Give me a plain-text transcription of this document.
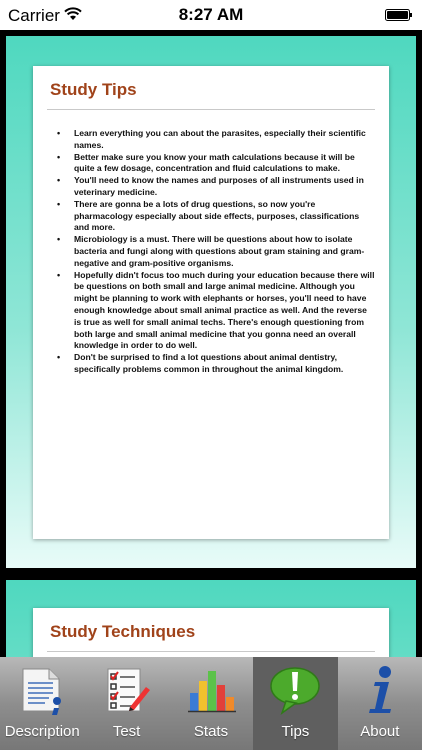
Carrier	8:27 AM
Study Tips
• Learn everything you can about the parasites, especially their scientific names.
• Better make sure you know your math calculations because it will be quite a few dosage, concentration and fluid calculations to make.
• You'll need to know the names and purposes of all instruments used in veterinary medicine.
• There are gonna be a lots of drug questions, so now you're pharmacology especially about side effects, purposes, classifications and more.
• Microbiology is a must. There will be questions about how to isolate bacteria and fungi along with questions about gram staining and gram-negative and gram-positive organisms.
• Hopefully didn't focus too much during your education because there will be questions on both small and large animal medicine. Although you might be planning to work with elephants or horses, you'll need to have enough knowledge about small animal practice as well. And the reverse is true as well for small animal techs. There's enough questioning from both large and small animal medicine that you gonna need an overall knowledge in order to do well.
• Don't be surprised to find a lot questions about animal dentistry, specifically problems common in throughout the animal kingdom.
Study Techniques
Description Test	Stats	Tips	About
